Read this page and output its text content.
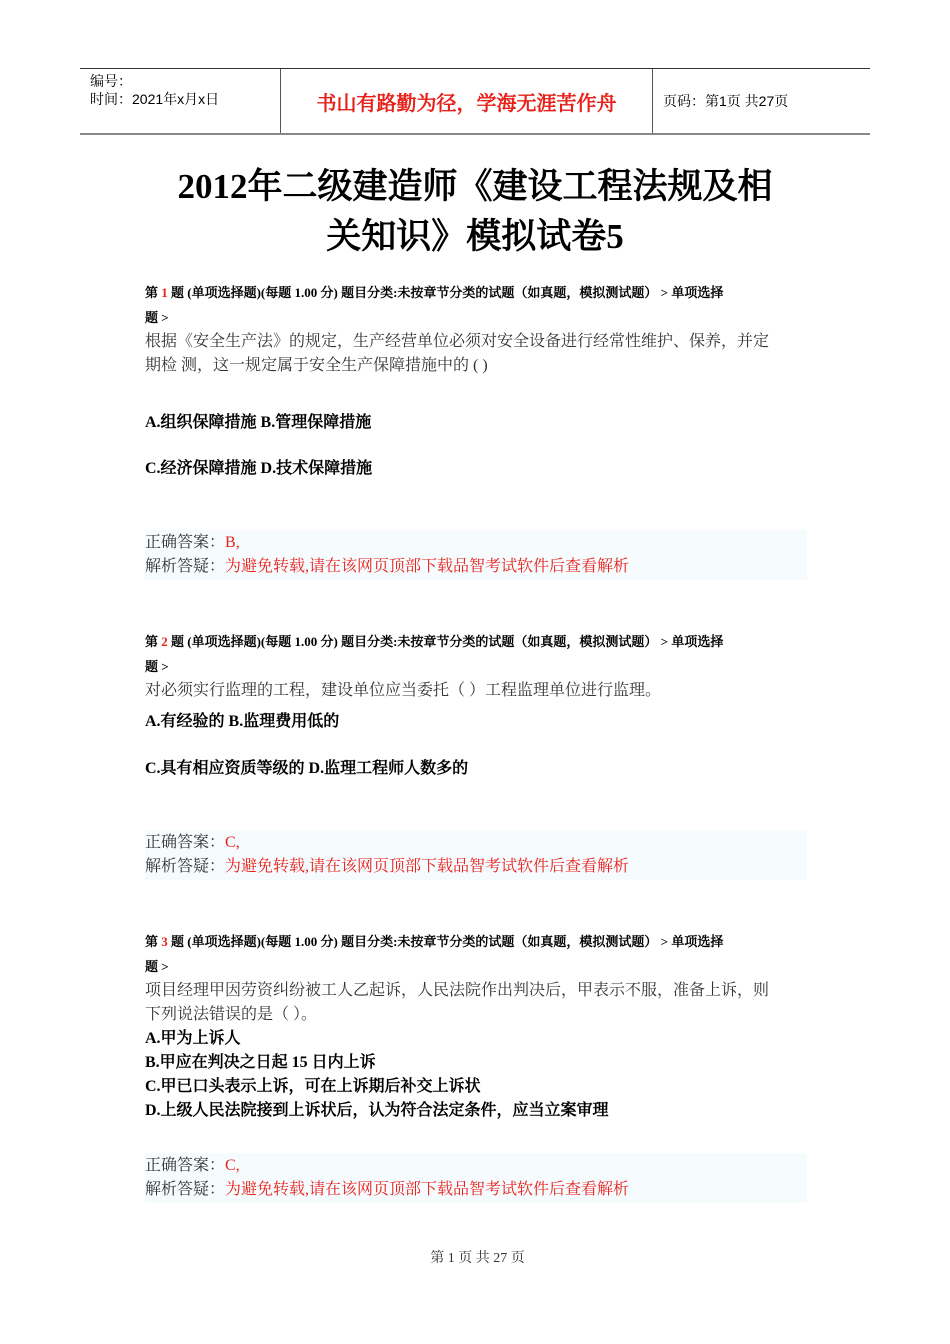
编号：
时间：2021年x月x日	书山有路勤为径，学海无涯苦作舟	页码：第1页 共27页
2012年二级建造师《建设工程法规及相
关知识》模拟试卷5
第 1 题 (单项选择题)(每题 1.00 分) 题目分类:未按章节分类的试题（如真题，模拟测试题） > 单项选择
题 >
根据《安全生产法》的规定，生产经营单位必须对安全设备进行经常性维护、保养，并定
期检 测，这一规定属于安全生产保障措施中的 ( )
A.组织保障措施 B.管理保障措施
C.经济保障措施 D.技术保障措施
正确答案：B,
解析答疑：为避免转载,请在该网页顶部下载品智考试软件后查看解析
第 2 题 (单项选择题)(每题 1.00 分) 题目分类:未按章节分类的试题（如真题，模拟测试题） > 单项选择
题 >
对必须实行监理的工程，建设单位应当委托（ ）工程监理单位进行监理。
A.有经验的 B.监理费用低的
C.具有相应资质等级的 D.监理工程师人数多的
正确答案：C,
解析答疑：为避免转载,请在该网页顶部下载品智考试软件后查看解析
第 3 题 (单项选择题)(每题 1.00 分) 题目分类:未按章节分类的试题（如真题，模拟测试题） > 单项选择
题 >
项目经理甲因劳资纠纷被工人乙起诉，人民法院作出判决后，甲表示不服，准备上诉，则
下列说法错误的是（ ）。
A.甲为上诉人
B.甲应在判决之日起 15 日内上诉
C.甲已口头表示上诉，可在上诉期后补交上诉状
D.上级人民法院接到上诉状后，认为符合法定条件，应当立案审理
正确答案：C,
解析答疑：为避免转载,请在该网页顶部下载品智考试软件后查看解析
第 1 页 共 27 页
